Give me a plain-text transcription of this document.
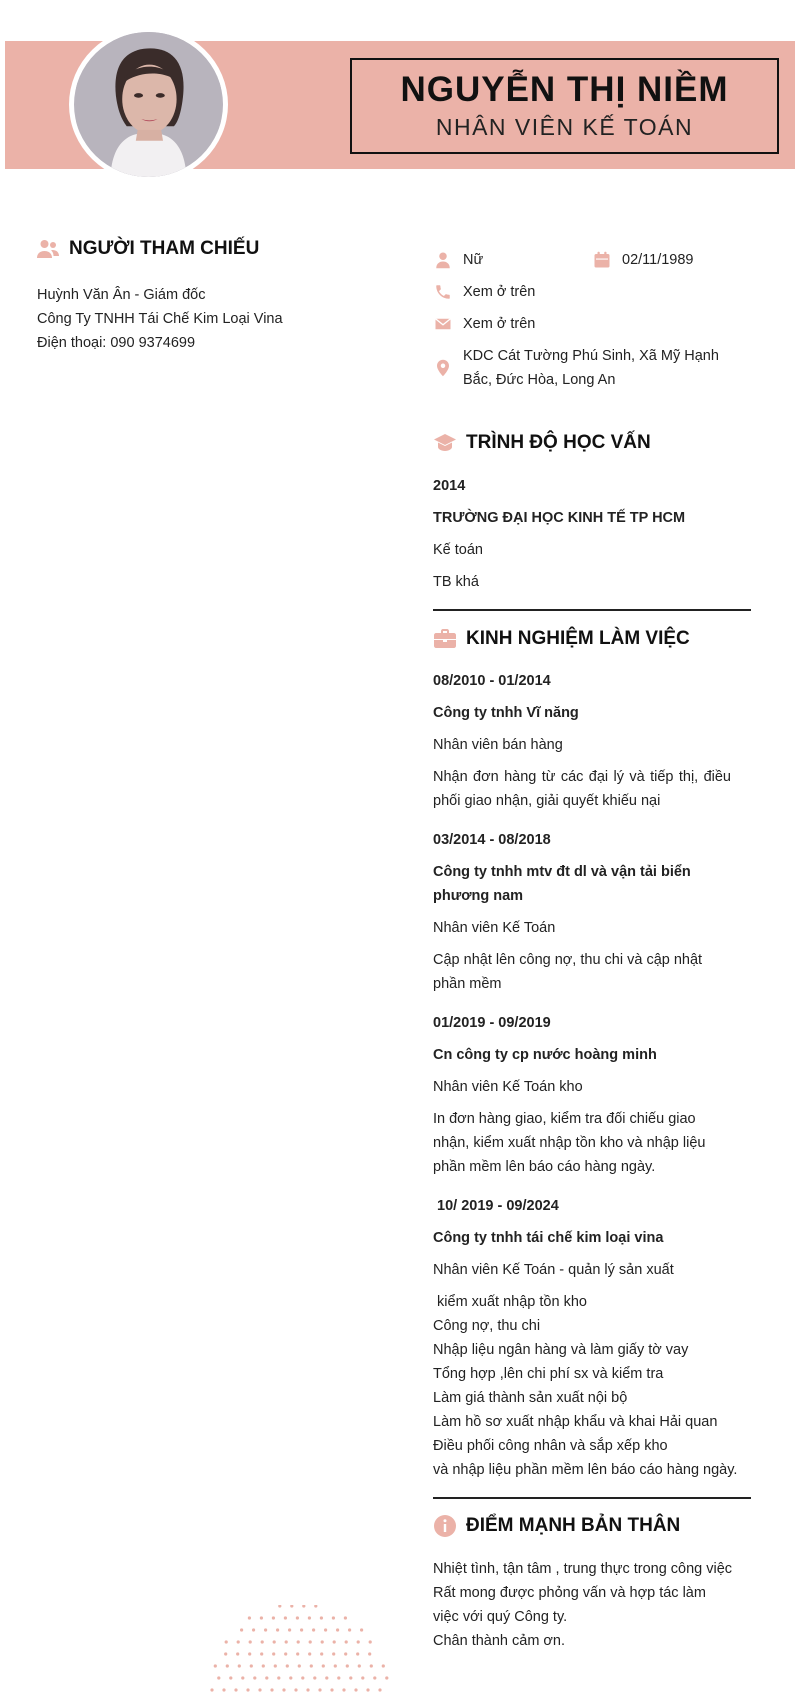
NGUYỄN THỊ NIỀM
NHÂN VIÊN KẾ TOÁN
NGƯỜI THAM CHIẾU
Huỳnh Văn Ân - Giám đốc
Công Ty TNHH Tái Chế Kim Loại Vina
Điện thoại: 090 9374699
Nữ	02/11/1989
Xem ở trên
Xem ở trên
KDC Cát Tường Phú Sinh, Xã Mỹ Hạnh Bắc, Đức Hòa, Long An
TRÌNH ĐỘ HỌC VẤN
2014
TRƯỜNG ĐẠI HỌC KINH TẾ TP HCM
Kế toán
TB khá
KINH NGHIỆM LÀM VIỆC
08/2010 - 01/2014
Công ty tnhh Vĩ năng
Nhân viên bán hàng
Nhận đơn hàng từ các đại lý và tiếp thị, điều phối giao nhận, giải quyết khiếu nại
03/2014 - 08/2018
Công ty tnhh mtv đt dl và vận tải biển phương nam
Nhân viên Kế Toán
Cập nhật lên công nợ, thu chi và cập nhật phần mềm
01/2019 - 09/2019
Cn công ty cp nước hoàng minh
Nhân viên Kế Toán kho
In đơn hàng giao, kiểm tra đối chiếu giao nhận, kiểm xuất nhập tồn kho và nhập liệu phần mềm lên báo cáo hàng ngày.
10/ 2019 - 09/2024
Công ty tnhh tái chế kim loại vina
Nhân viên Kế Toán - quản lý sản xuất
kiểm xuất nhập tồn kho
Công nợ, thu chi
Nhập liệu ngân hàng và làm giấy tờ vay
Tổng hợp ,lên chi phí sx và kiểm tra
Làm giá thành sản xuất nội bộ
Làm hồ sơ xuất nhập khẩu và khai Hải quan
Điều phối công nhân và sắp xếp kho
và nhập liệu phần mềm lên báo cáo hàng ngày.
ĐIỂM MẠNH BẢN THÂN
Nhiệt tình, tận tâm , trung thực trong công việc
Rất mong được phỏng vấn và hợp tác làm việc với quý Công ty.
Chân thành cảm ơn.
